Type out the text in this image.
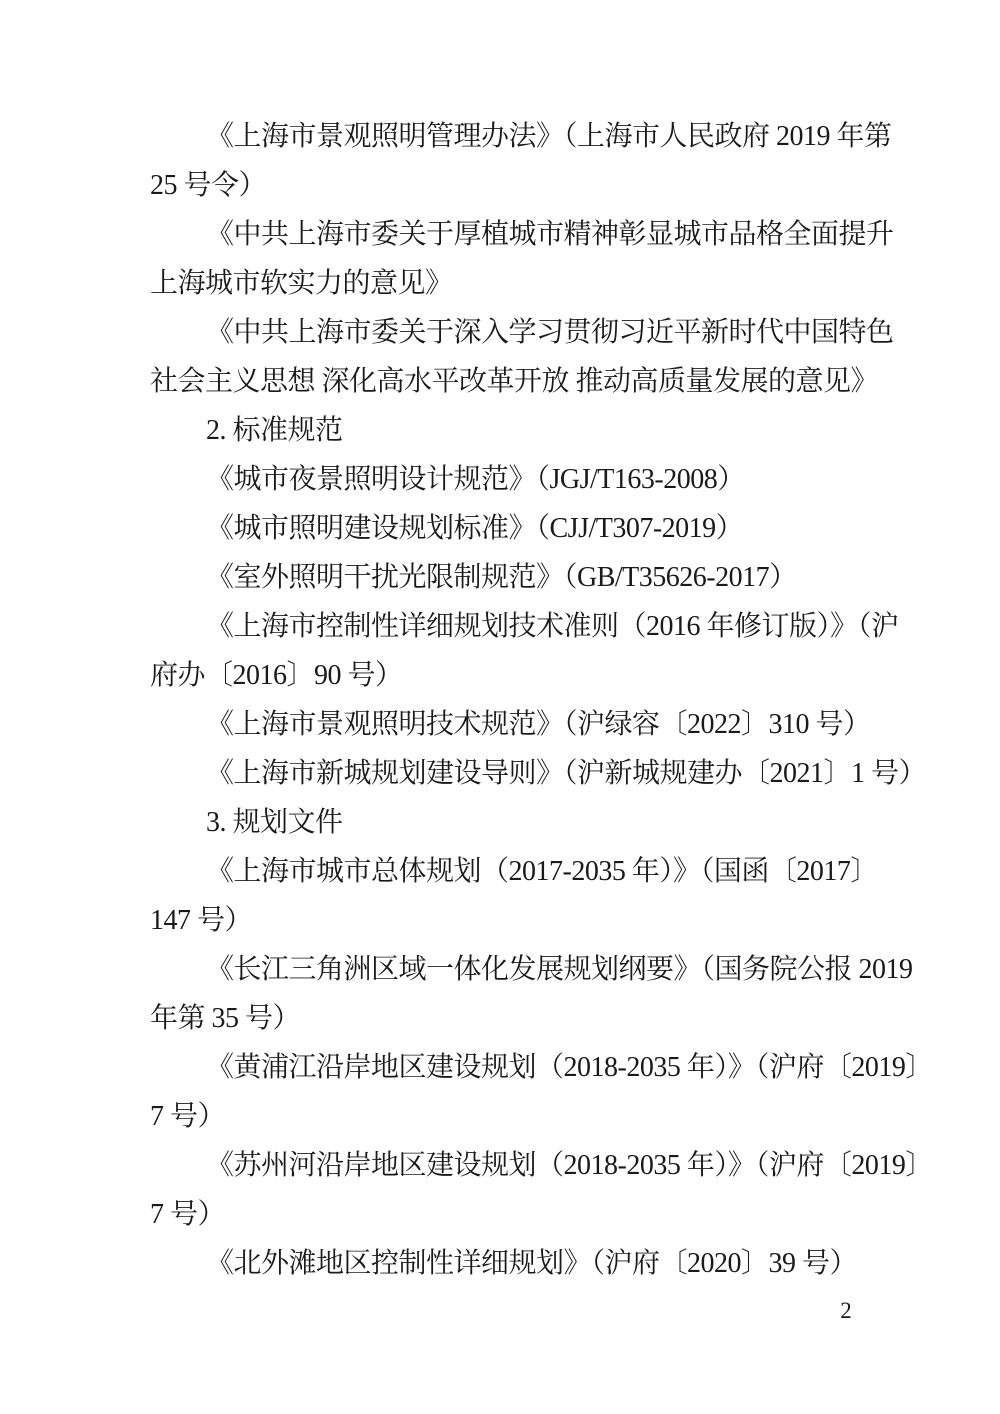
《上海市景观照明管理办法》（上海市人民政府 2019 年第
25 号令）
《中共上海市委关于厚植城市精神彰显城市品格全面提升
上海城市软实力的意见》
《中共上海市委关于深入学习贯彻习近平新时代中国特色
社会主义思想 深化高水平改革开放 推动高质量发展的意见》
2. 标准规范
《城市夜景照明设计规范》（JGJ/T163-2008）
《城市照明建设规划标准》（CJJ/T307-2019）
《室外照明干扰光限制规范》（GB/T35626-2017）
《上海市控制性详细规划技术准则（2016 年修订版）》（沪
府办〔2016〕90 号）
《上海市景观照明技术规范》（沪绿容〔2022〕310 号）
《上海市新城规划建设导则》（沪新城规建办〔2021〕1 号）
3. 规划文件
《上海市城市总体规划（2017-2035 年）》（国函〔2017〕
147 号）
《长江三角洲区域一体化发展规划纲要》（国务院公报 2019
年第 35 号）
《黄浦江沿岸地区建设规划（2018-2035 年）》（沪府〔2019〕
7 号）
《苏州河沿岸地区建设规划（2018-2035 年）》（沪府〔2019〕
7 号）
《北外滩地区控制性详细规划》（沪府〔2020〕39 号）
2
